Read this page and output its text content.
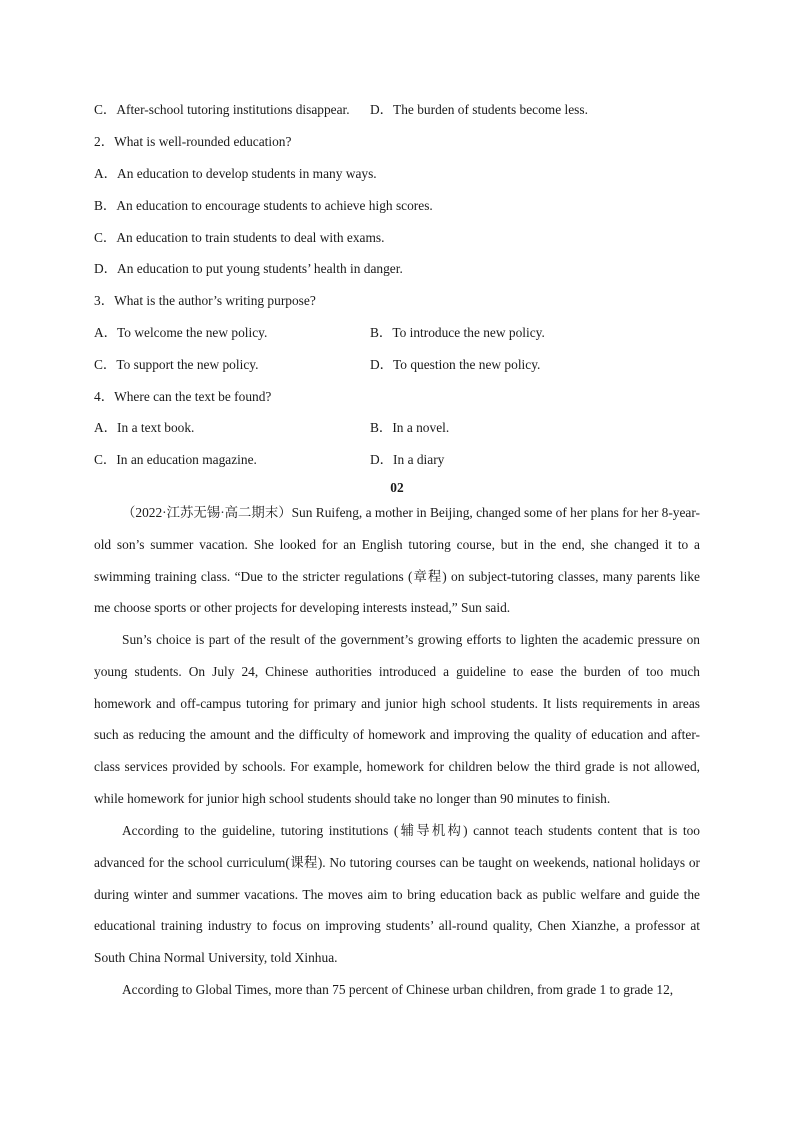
C．After-school tutoring institutions disappear. D．The burden of students become less.
2．What is well-rounded education?
A．An education to develop students in many ways.
B．An education to encourage students to achieve high scores.
C．An education to train students to deal with exams.
D．An education to put young students’ health in danger.
3．What is the author’s writing purpose?
A．To welcome the new policy.	B．To introduce the new policy.
C．To support the new policy.	D．To question the new policy.
4．Where can the text be found?
A．In a text book.	B．In a novel.
C．In an education magazine.	D．In a diary
02

（2022·江苏无锡·高二期末）Sun Ruifeng, a mother in Beijing, changed some of her plans for her 8-year-old son’s summer vacation. She looked for an English tutoring course, but in the end, she changed it to a swimming training class. “Due to the stricter regulations (章程) on subject-tutoring classes, many parents like me choose sports or other projects for developing interests instead,” Sun said.

Sun’s choice is part of the result of the government’s growing efforts to lighten the academic pressure on young students. On July 24, Chinese authorities introduced a guideline to ease the burden of too much homework and off-campus tutoring for primary and junior high school students. It lists requirements in areas such as reducing the amount and the difficulty of homework and improving the quality of education and after-class services provided by schools. For example, homework for children below the third grade is not allowed, while homework for junior high school students should take no longer than 90 minutes to finish.

According to the guideline, tutoring institutions (辅导机构) cannot teach students content that is too advanced for the school curriculum(课程). No tutoring courses can be taught on weekends, national holidays or during winter and summer vacations. The moves aim to bring education back as public welfare and guide the educational training industry to focus on improving students’ all-round quality, Chen Xianzhe, a professor at South China Normal University, told Xinhua.

According to Global Times, more than 75 percent of Chinese urban children, from grade 1 to grade 12,
